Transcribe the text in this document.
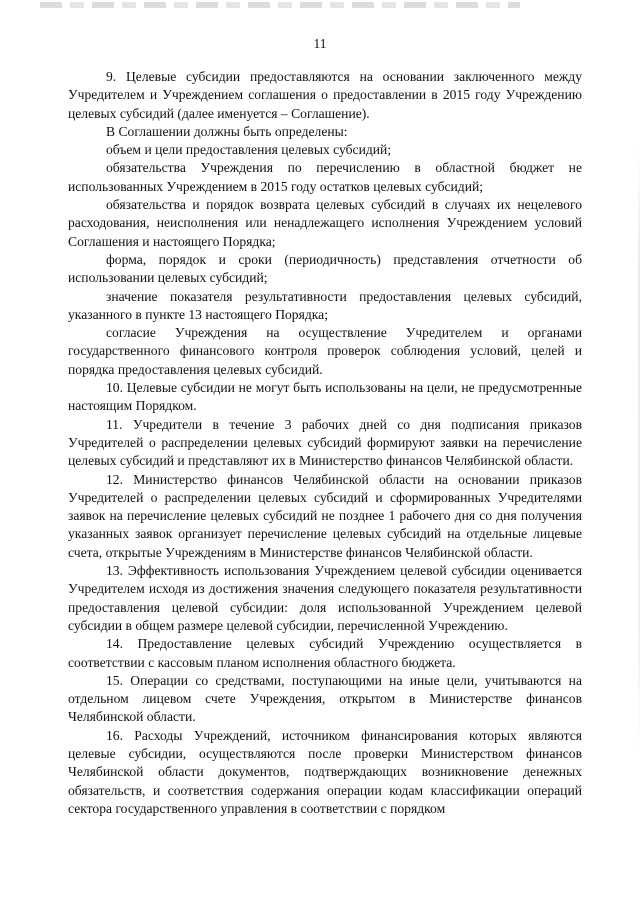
11

9. Целевые субсидии предоставляются на основании заключенного между Учредителем и Учреждением соглашения о предоставлении в 2015 году Учреждению целевых субсидий (далее именуется – Соглашение).

В Соглашении должны быть определены:

объем и цели предоставления целевых субсидий;

обязательства Учреждения по перечислению в областной бюджет не использованных Учреждением в 2015 году остатков целевых субсидий;

обязательства и порядок возврата целевых субсидий в случаях их нецелевого расходования, неисполнения или ненадлежащего исполнения Учреждением условий Соглашения и настоящего Порядка;

форма, порядок и сроки (периодичность) представления отчетности об использовании целевых субсидий;

значение показателя результативности предоставления целевых субсидий, указанного в пункте 13 настоящего Порядка;

согласие Учреждения на осуществление Учредителем и органами государственного финансового контроля проверок соблюдения условий, целей и порядка предоставления целевых субсидий.

10. Целевые субсидии не могут быть использованы на цели, не предусмотренные настоящим Порядком.

11. Учредители в течение 3 рабочих дней со дня подписания приказов Учредителей о распределении целевых субсидий формируют заявки на перечисление целевых субсидий и представляют их в Министерство финансов Челябинской области.

12. Министерство финансов Челябинской области на основании приказов Учредителей о распределении целевых субсидий и сформированных Учредителями заявок на перечисление целевых субсидий не позднее 1 рабочего дня со дня получения указанных заявок организует перечисление целевых субсидий на отдельные лицевые счета, открытые Учреждениям в Министерстве финансов Челябинской области.

13. Эффективность использования Учреждением целевой субсидии оценивается Учредителем исходя из достижения значения следующего показателя результативности предоставления целевой субсидии: доля использованной Учреждением целевой субсидии в общем размере целевой субсидии, перечисленной Учреждению.

14. Предоставление целевых субсидий Учреждению осуществляется в соответствии с кассовым планом исполнения областного бюджета.

15. Операции со средствами, поступающими на иные цели, учитываются на отдельном лицевом счете Учреждения, открытом в Министерстве финансов Челябинской области.

16. Расходы Учреждений, источником финансирования которых являются целевые субсидии, осуществляются после проверки Министерством финансов Челябинской области документов, подтверждающих возникновение денежных обязательств, и соответствия содержания операции кодам классификации операций сектора государственного управления в соответствии с порядком
